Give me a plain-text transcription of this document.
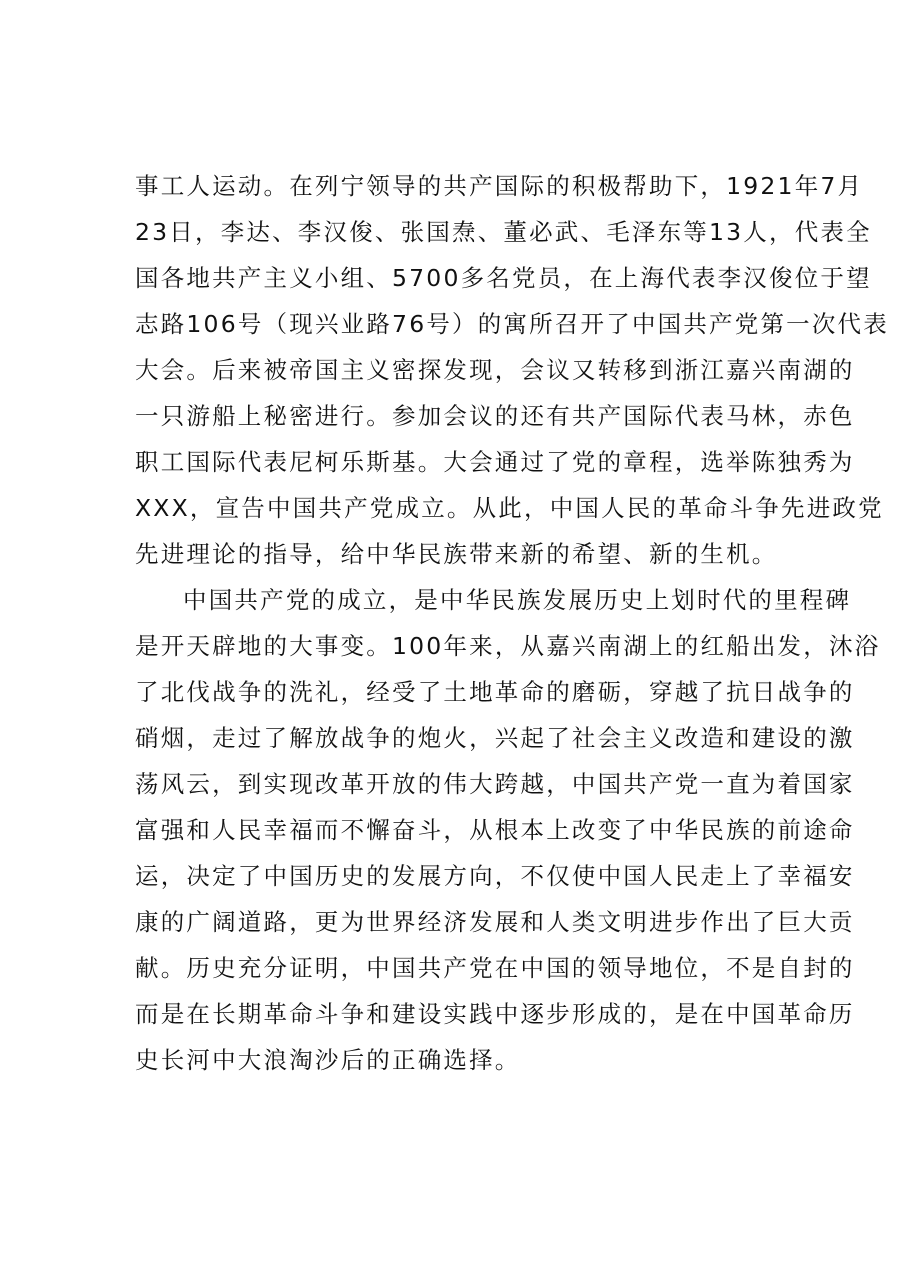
事工人运动。在列宁领导的共产国际的积极帮助下，1921年7月
23日，李达、李汉俊、张国焘、董必武、毛泽东等13人，代表全
国各地共产主义小组、5700多名党员，在上海代表李汉俊位于望
志路106号（现兴业路76号）的寓所召开了中国共产党第一次代表
大会。后来被帝国主义密探发现，会议又转移到浙江嘉兴南湖的
一只游船上秘密进行。参加会议的还有共产国际代表马林，赤色
职工国际代表尼柯乐斯基。大会通过了党的章程，选举陈独秀为
XXX，宣告中国共产党成立。从此，中国人民的革命斗争先进政党
先进理论的指导，给中华民族带来新的希望、新的生机。
中国共产党的成立，是中华民族发展历史上划时代的里程碑
是开天辟地的大事变。100年来，从嘉兴南湖上的红船出发，沐浴
了北伐战争的洗礼，经受了土地革命的磨砺，穿越了抗日战争的
硝烟，走过了解放战争的炮火，兴起了社会主义改造和建设的激
荡风云，到实现改革开放的伟大跨越，中国共产党一直为着国家
富强和人民幸福而不懈奋斗，从根本上改变了中华民族的前途命
运，决定了中国历史的发展方向，不仅使中国人民走上了幸福安
康的广阔道路，更为世界经济发展和人类文明进步作出了巨大贡
献。历史充分证明，中国共产党在中国的领导地位，不是自封的
而是在长期革命斗争和建设实践中逐步形成的，是在中国革命历
史长河中大浪淘沙后的正确选择。
